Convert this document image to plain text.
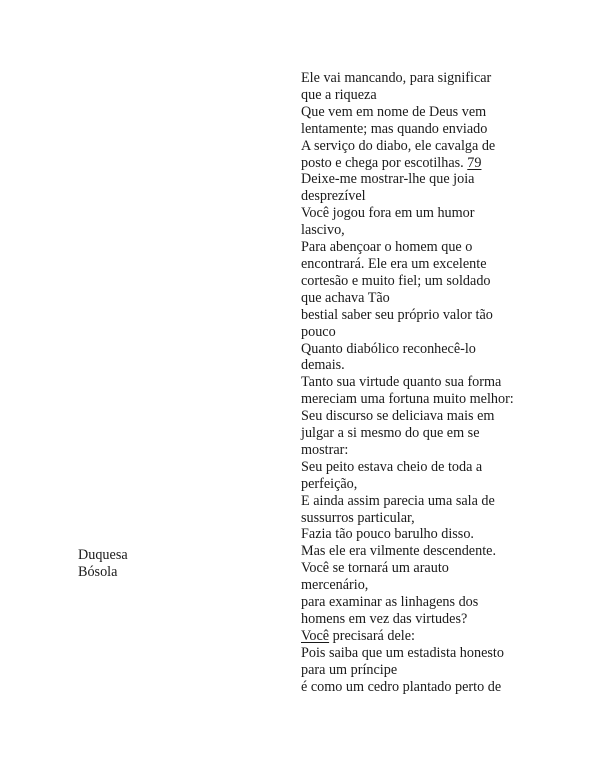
Ele vai mancando, para significar
que a riqueza
Que vem em nome de Deus vem
lentamente; mas quando enviado
A serviço do diabo, ele cavalga de
posto e chega por escotilhas. 79
Deixe-me mostrar-lhe que joia
desprezível
Você jogou fora em um humor
lascivo,
Para abençoar o homem que o
encontrará. Ele era um excelente
cortesão e muito fiel; um soldado
que achava Tão
bestial saber seu próprio valor tão
pouco
Quanto diabólico reconhecê-lo
demais.
Tanto sua virtude quanto sua forma
mereciam uma fortuna muito melhor:
Seu discurso se deliciava mais em
julgar a si mesmo do que em se
mostrar:
Seu peito estava cheio de toda a
perfeição,
E ainda assim parecia uma sala de
sussurros particular,
Fazia tão pouco barulho disso.
Mas ele era vilmente descendente.
Você se tornará um arauto
mercenário,
para examinar as linhagens dos
homens em vez das virtudes?
Você precisará dele:
Pois saiba que um estadista honesto
para um príncipe
é como um cedro plantado perto de
Duquesa
Bósola
